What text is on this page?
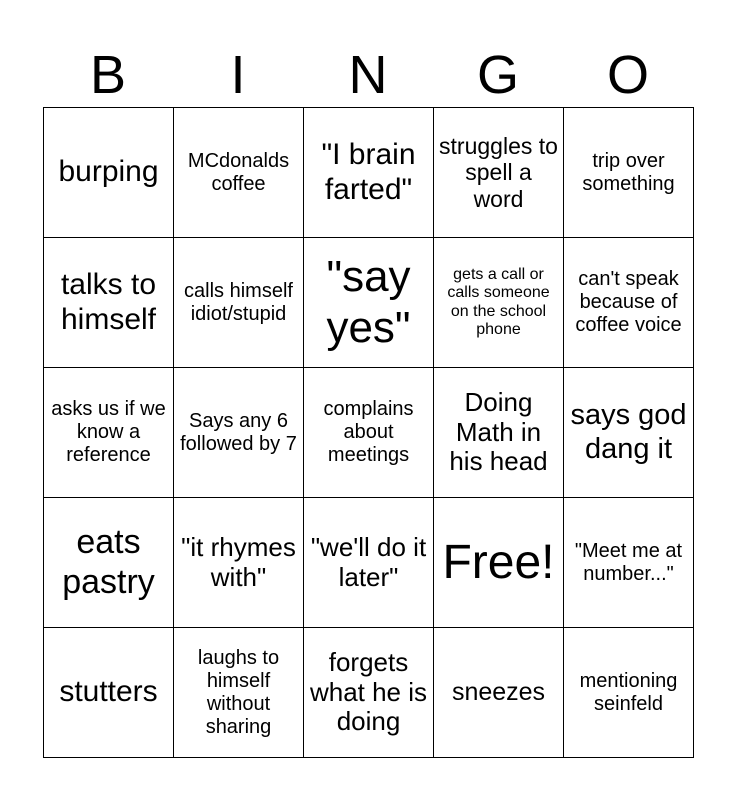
B	I	N	G	O
burping	MCdonalds coffee	"I brain farted"	struggles to spell a word	trip over something
talks to himself	calls himself idiot/stupid	"say yes"	gets a call or calls someone on the school phone	can't speak because of coffee voice
asks us if we know a reference	Says any 6 followed by 7	complains about meetings	Doing Math in his head	says god dang it
eats pastry	"it rhymes with"	"we'll do it later"	Free!	"Meet me at number..."
stutters	laughs to himself without sharing	forgets what he is doing	sneezes	mentioning seinfeld
